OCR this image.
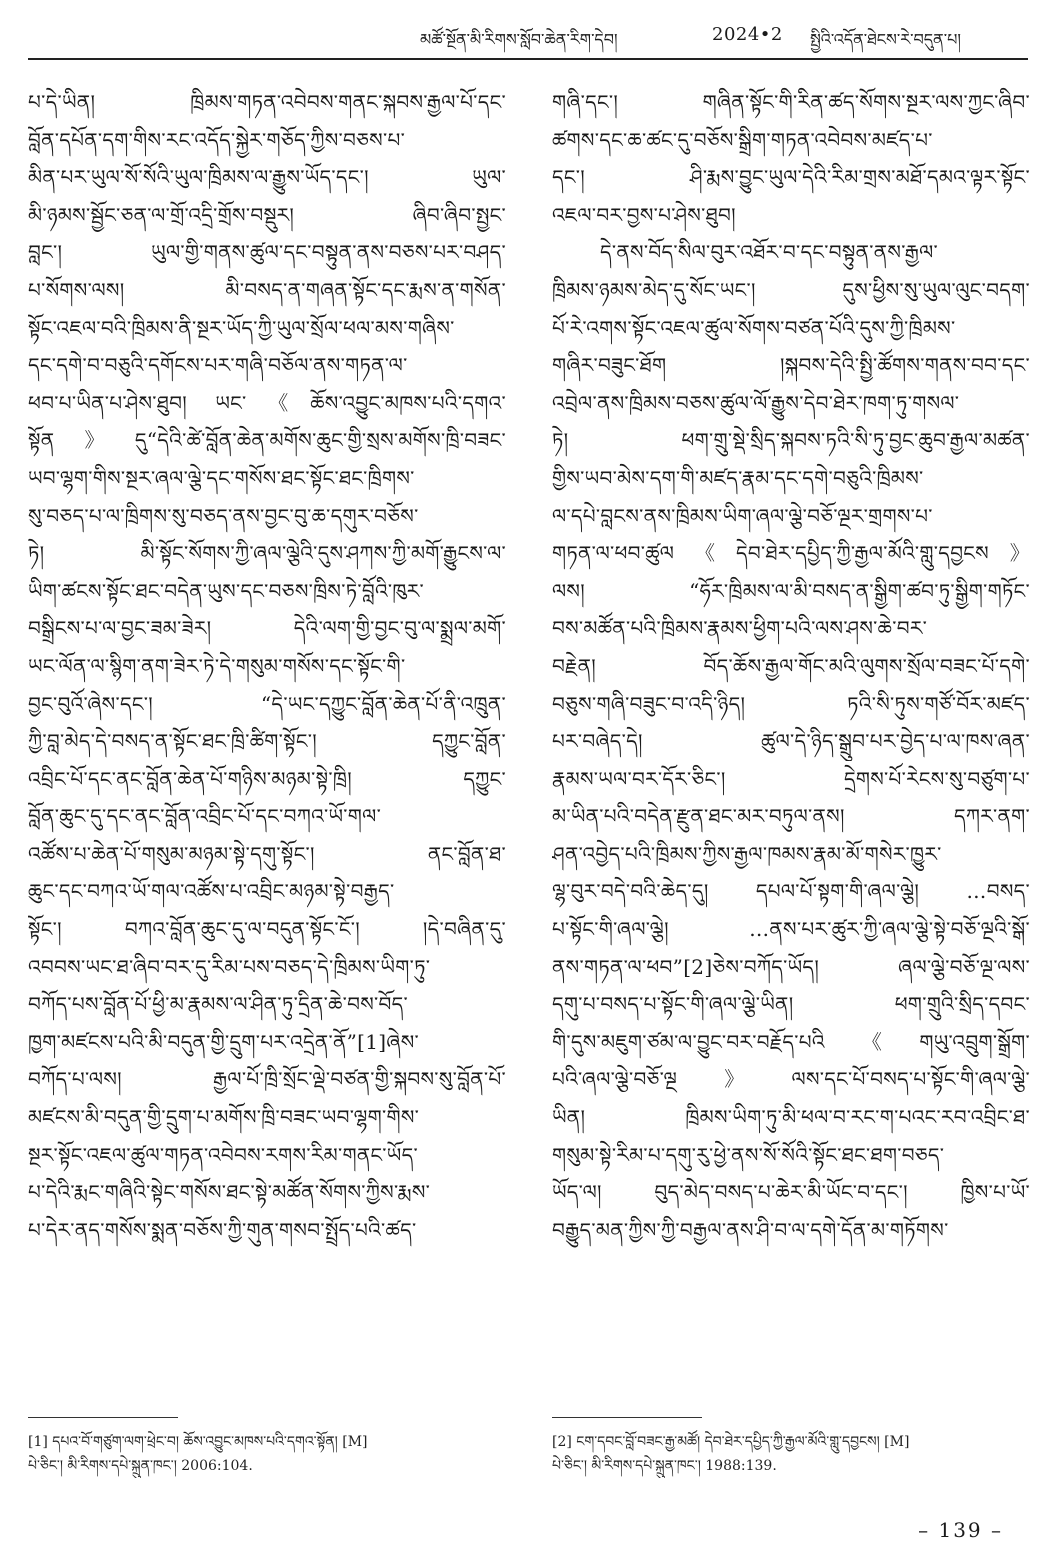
མཚོ་སྔོན་མི་རིགས་སློབ་ཆེན་རིག་དེབ།	2024•2 སྤྱིའི་འདོན་ཐེངས་རེ་བདུན་པ།
པ་དེ་ཡིན། ཁྲིམས་གཏན་འབེབས་གནང་སྐབས་རྒྱལ་པོ་དང་
བློན་དཔོན་དག་གིས་རང་འདོད་སྐྱེར་གཅོད་ཀྱིས་བཅས་པ་
མིན་པར་ཡུལ་སོ་སོའི་ཡུལ་ཁྲིམས་ལ་རྒྱུས་ཡོད་དང་། ཡུལ་
མི་ཉམས་སྦྱོང་ཅན་ལ་གྲོ་འདྲི་གྲོས་བསྡུར། ཞིབ་ཞིབ་སྤྱང་
བླང་། ཡུལ་གྱི་གནས་ཚུལ་དང་བསྟུན་ནས་བཅས་པར་བཤད་
པ་སོགས་ལས། མི་བསད་ན་གཞན་སྟོང་དང་རྨས་ན་གསོན་
སྟོང་འཇལ་བའི་ཁྲིམས་ནི་སྔར་ཡོད་ཀྱི་ཡུལ་སྲོལ་ཕལ་མས་གཞིས་
དང་དགེ་བ་བཅུའི་དགོངས་པར་གཞི་བཅོལ་ནས་གཏན་ལ་
ཕབ་པ་ཡིན་པ་ཤེས་ཐུབ། ཡང་《ཆོས་འབྱུང་མཁས་པའི་དགའ་
སྟོན》དུ“དེའི་ཚེ་བློན་ཆེན་མགོས་ཆུང་གྱི་སྲས་མགོས་ཁྲི་བཟང་
ཡབ་ལྷག་གིས་སྔར་ཞལ་ལྕེ་དང་གསོས་ཐང་སྟོང་ཐང་ཁྲིགས་
སུ་བཅད་པ་ལ་ཁྲིགས་སུ་བཅད་ནས་བྱང་བུ་ཆ་དགུར་བཅོས་
ཏེ། མི་སྟོང་སོགས་ཀྱི་ཞལ་ལྕེའི་དུས་ཤཀས་ཀྱི་མགོ་རྒྱུངས་ལ་
ཡིག་ཚངས་སྟོང་ཐང་བདེན་ཡུས་དང་བཅས་ཁྲིས་ཏེ་བློའི་ཁུར་
བསྒྲིངས་པ་ལ་བྱང་ཟམ་ཟེར། དེའི་ལག་གྱི་བྱང་བུ་ལ་སྨྲལ་མགོ་
ཡང་ལོན་ལ་སྙིག་ནག་ཟེར་ཏེ་དེ་གསུམ་གསོས་དང་སྟོང་གི་
བྱང་བུའོ་ཞེས་དང་། “དེ་ཡང་དཀྱུང་བློན་ཆེན་པོ་ནི་འཁྲུན་
ཀྱི་བླ་མེད་དེ་བསད་ན་སྟོང་ཐང་ཁྲི་ཚིག་སྟོང་། དཀྱུང་བློན་
འབྲིང་པོ་དང་ནང་བློན་ཆེན་པོ་གཉིས་མཉམ་སྟེ་ཁྲི། དཀྱུང་
བློན་ཆུང་དུ་དང་ནང་བློན་འབྲིང་པོ་དང་བཀའ་ཡོ་གལ་
འཚོས་པ་ཆེན་པོ་གསུམ་མཉམ་སྟེ་དགུ་སྟོང་། ནང་བློན་ཐ་
ཆུང་དང་བཀའ་ཡོ་གལ་འཚོས་པ་འབྲིང་མཉམ་སྟེ་བརྒྱད་
སྟོང་། བཀའ་བློན་ཆུང་དུ་ལ་བདུན་སྟོང་ངོ་། །དེ་བཞིན་དུ་
འབབས་ཡང་ཐ་ཞིབ་བར་དུ་རིམ་པས་བཅད་དེ་ཁྲིམས་ཡིག་ཏུ་
བཀོད་པས་བློན་པོ་ཕྱི་མ་རྣམས་ལ་ཤིན་ཏུ་དྲིན་ཆེ་བས་བོད་
ཁྱག་མཛངས་པའི་མི་བདུན་གྱི་དྲུག་པར་འདྲེན་ནོ”[1]ཞེས་
བཀོད་པ་ལས། རྒྱལ་པོ་ཁྲི་སྲོང་ལྡེ་བཙན་གྱི་སྐབས་སུ་བློན་པོ་
མཛངས་མི་བདུན་གྱི་དྲུག་པ་མགོས་ཁྲི་བཟང་ཡབ་ལྷག་གིས་
སྔར་སྟོང་འཇལ་ཚུལ་གཏན་འབེབས་རགས་རིམ་གནང་ཡོད་
པ་དེའི་རྨང་གཞིའི་སྟེང་གསོས་ཐང་སྟེ་མཚོན་སོགས་ཀྱིས་རྨས་
པ་དེར་ནད་གསོས་སྨན་བཅོས་ཀྱི་གུན་གསབ་སྤྲོད་པའི་ཚད་
གཞི་དང་། གཞིན་སྟོང་གི་རིན་ཚད་སོགས་སྔར་ལས་ཀྱང་ཞིབ་
ཚགས་དང་ཆ་ཚང་དུ་བཅོས་སྒྲིག་གཏན་འབེབས་མཛད་པ་
དང་། ཤི་རྨས་བྱུང་ཡུལ་དེའི་རིམ་གྲས་མཐོ་དམའ་ལྟར་སྟོང་
འཇལ་བར་བྱས་པ་ཤེས་ཐུབ།
དེ་ནས་བོད་སིལ་བུར་འཐོར་བ་དང་བསྟུན་ནས་རྒྱལ་
ཁྲིམས་ཉམས་མེད་དུ་སོང་ཡང་། དུས་ཕྱིས་སུ་ཡུལ་ལུང་བདག་
པོ་རེ་འགས་སྟོང་འཇལ་ཚུལ་སོགས་བཙན་པོའི་དུས་ཀྱི་ཁྲིམས་
གཞིར་བཟུང་ཐོག །སྐབས་དེའི་སྤྱི་ཚོགས་གནས་བབ་དང་
འབྲེལ་ནས་ཁྲིམས་བཅས་ཚུལ་ལོ་རྒྱུས་དེབ་ཐེར་ཁག་ཏུ་གསལ་
ཏེ། ཕག་གྲུ་སྡེ་སྲིད་སྐབས་ཏའི་སི་ཏུ་བྱང་ཆུབ་རྒྱལ་མཚན་
གྱིས་ཡབ་མེས་དག་གི་མཛད་རྣམ་དང་དགེ་བཅུའི་ཁྲིམས་
ལ་དཔེ་བླངས་ནས་ཁྲིམས་ཡིག་ཞལ་ལྕེ་བཅོ་ལྔར་གྲགས་པ་
གཏན་ལ་ཕབ་ཚུལ《དེབ་ཐེར་དཔྱིད་ཀྱི་རྒྱལ་མོའི་གླུ་དབྱངས》
ལས། “ཧོར་ཁྲིམས་ལ་མི་བསད་ན་སྒྱིག་ཚབ་ཏུ་སྒྱིག་གཏོང་
བས་མཚོན་པའི་ཁྲིམས་རྣམས་ཕྱིག་པའི་ལས་ཤས་ཆེ་བར་
བརྗེན། བོད་ཆོས་རྒྱལ་གོང་མའི་ལུགས་སྲོལ་བཟང་པོ་དགེ་
བཅུས་གཞི་བཟུང་བ་འདི་ཉིད། ཏའི་སི་ཏུས་གཙོ་བོར་མཛད་
པར་བཞེད་དེ། ཚུལ་དེ་ཉིད་སྒྲུབ་པར་བྱེད་པ་ལ་ཁས་ཞན་
རྣམས་ཡལ་བར་དོར་ཅིང་། དྲེགས་པོ་རེངས་སུ་བཙུག་པ་
མ་ཡིན་པའི་བདེན་རྫུན་ཐང་མར་བཏུལ་ནས། དཀར་ནག་
ཤན་འབྱེད་པའི་ཁྲིམས་ཀྱིས་རྒྱལ་ཁམས་རྣམ་མོ་གསེར་ཁྱུར་
ལྷ་བུར་བདེ་བའི་ཆེད་དུ། དཔལ་པོ་སྟག་གི་ཞལ་ལྕེ། …བསད་
པ་སྟོང་གི་ཞལ་ལྕེ། …ནས་པར་ཚུར་ཀྱི་ཞལ་ལྕེ་སྟེ་བཅོ་ལྔའི་སྒོ་
ནས་གཏན་ལ་ཕབ”[2]ཅེས་བཀོད་ཡོད། ཞལ་ལྕེ་བཅོ་ལྔ་ལས་
དགུ་པ་བསད་པ་སྟོང་གི་ཞལ་ལྕེ་ཡིན། ཕག་གྲུའི་སྲིད་དབང་
གི་དུས་མཇུག་ཙམ་ལ་བྱུང་བར་བརྗོད་པའི《གཡུ་འབྲུག་སྒྲོག་
པའི་ཞལ་ལྕེ་བཅོ་ལྔ》ལས་དང་པོ་བསད་པ་སྟོང་གི་ཞལ་ལྕེ་
ཡིན། ཁྲིམས་ཡིག་ཏུ་མི་ཕལ་བ་རང་ག་པའང་རབ་འབྲིང་ཐ་
གསུམ་སྟེ་རིམ་པ་དགུ་རུ་ཕྱེ་ནས་སོ་སོའི་སྟོང་ཐང་ཐག་བཅད་
ཡོད་ལ། བུད་མེད་བསད་པ་ཆེར་མི་ཡོང་བ་དང་། ཁྱིས་པ་ཡོ་
བརྒྱུད་མན་ཀྱིས་ཀྱི་བརྒྱལ་ནས་ཤི་བ་ལ་དགེ་དོན་མ་གཏོགས་
[1] དཔའ་བོ་གཙུག་ལག་ཕྲེང་བ། ཆོས་འབྱུང་མཁས་པའི་དགའ་སྟོན། [M]
པེ་ཅིང་། མི་རིགས་དཔེ་སྐྲུན་ཁང་། 2006:104.
[2] ངག་དབང་བློ་བཟང་རྒྱ་མཚོ། དེབ་ཐེར་དཔྱིད་ཀྱི་རྒྱལ་མོའི་གླུ་དབྱངས། [M]
པེ་ཅིང་། མི་རིགས་དཔེ་སྐྲུན་ཁང་། 1988:139.
– 139 –
